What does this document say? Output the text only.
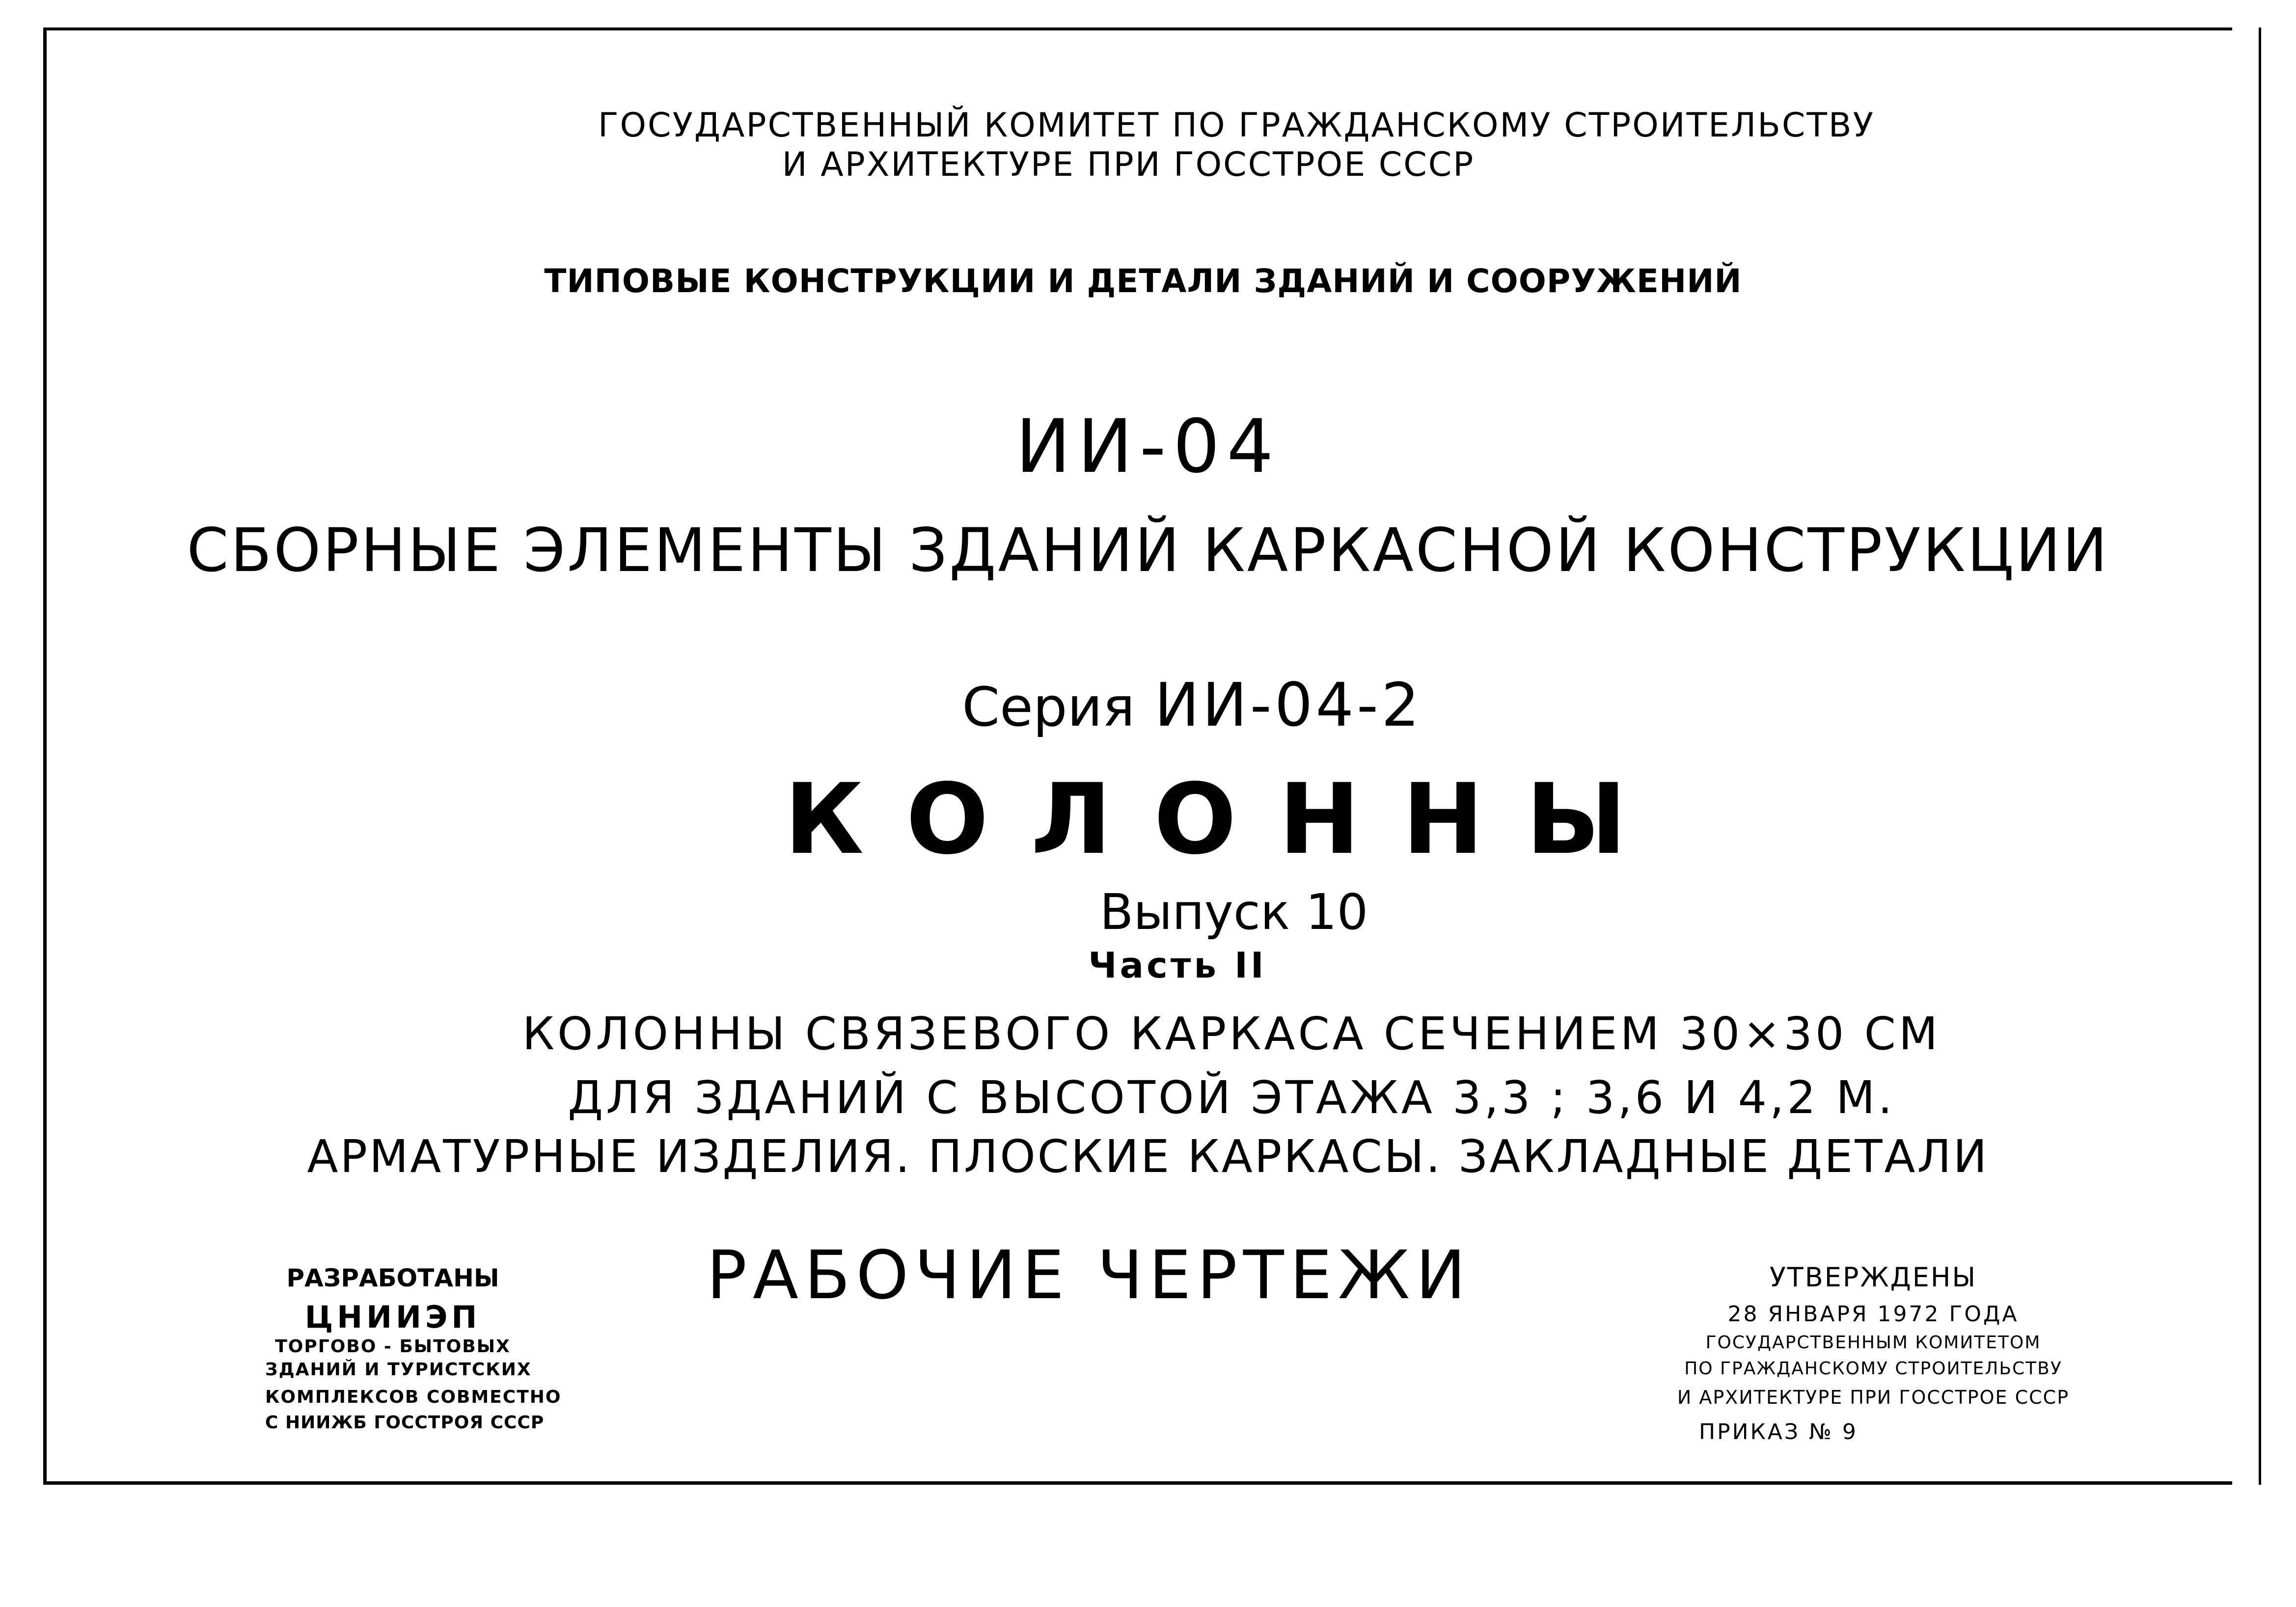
ГОСУДАРСТВЕННЫЙ КОМИТЕТ ПО ГРАЖДАНСКОМУ СТРОИТЕЛЬСТВУ
И АРХИТЕКТУРЕ ПРИ ГОССТРОЕ СССР
ТИПОВЫЕ КОНСТРУКЦИИ И ДЕТАЛИ ЗДАНИЙ И СООРУЖЕНИЙ
ИИ-04
СБОРНЫЕ ЭЛЕМЕНТЫ ЗДАНИЙ КАРКАСНОЙ КОНСТРУКЦИИ
Серия ИИ-04-2
КОЛОННЫ
Выпуск 10
Часть II
КОЛОННЫ СВЯЗЕВОГО КАРКАСА СЕЧЕНИЕМ 30×30 СМ
ДЛЯ ЗДАНИЙ С ВЫСОТОЙ ЭТАЖА 3,3 ; 3,6 И 4,2 М.
АРМАТУРНЫЕ ИЗДЕЛИЯ. ПЛОСКИЕ КАРКАСЫ. ЗАКЛАДНЫЕ ДЕТАЛИ
РАБОЧИЕ ЧЕРТЕЖИ
РАЗРАБОТАНЫ
ЦНИИЭП
ТОРГОВО - БЫТОВЫХ
ЗДАНИЙ И ТУРИСТСКИХ
КОМПЛЕКСОВ СОВМЕСТНО
С НИИЖБ ГОССТРОЯ СССР
УТВЕРЖДЕНЫ
28 ЯНВАРЯ 1972 ГОДА
ГОСУДАРСТВЕННЫМ КОМИТЕТОМ
ПО ГРАЖДАНСКОМУ СТРОИТЕЛЬСТВУ
И АРХИТЕКТУРЕ ПРИ ГОССТРОЕ СССР
ПРИКАЗ № 9
